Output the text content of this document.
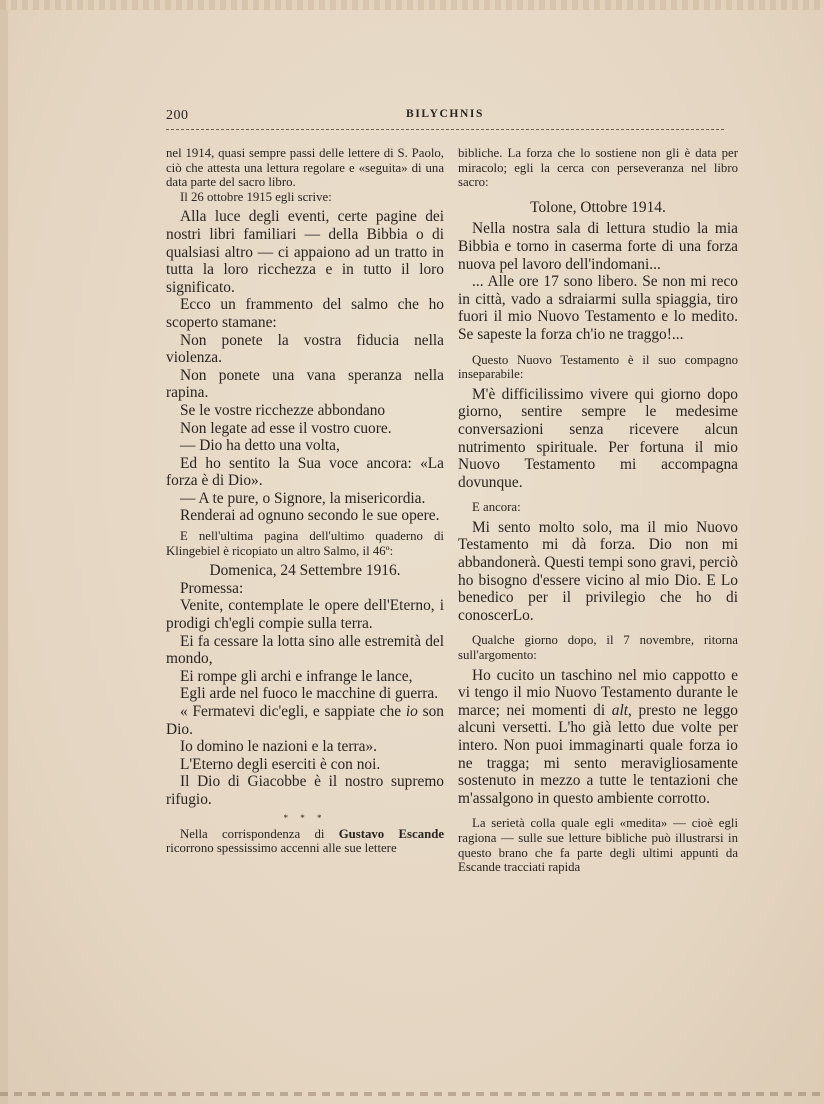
200	BILYCHNIS

nel 1914, quasi sempre passi delle lettere di S. Paolo, ciò che attesta una lettura regolare e «seguita» di una data parte del sacro libro.

Il 26 ottobre 1915 egli scrive:

Alla luce degli eventi, certe pagine dei nostri libri familiari — della Bibbia o di qualsiasi altro — ci appaiono ad un tratto in tutta la loro ricchezza e in tutto il loro significato.

Ecco un frammento del salmo che ho scoperto stamane:

Non ponete la vostra fiducia nella violenza.

Non ponete una vana speranza nella rapina.

Se le vostre ricchezze abbondano

Non legate ad esse il vostro cuore.

— Dio ha detto una volta,

Ed ho sentito la Sua voce ancora: «La forza è di Dio».

— A te pure, o Signore, la misericordia.

Renderai ad ognuno secondo le sue opere.

E nell'ultima pagina dell'ultimo quaderno di Klingebiel è ricopiato un altro Salmo, il 46º:

Domenica, 24 Settembre 1916.

Promessa:

Venite, contemplate le opere dell'Eterno, i prodigi ch'egli compie sulla terra.

Ei fa cessare la lotta sino alle estremità del mondo,

Ei rompe gli archi e infrange le lance,

Egli arde nel fuoco le macchine di guerra.

« Fermatevi dic'egli, e sappiate che io son Dio.

Io domino le nazioni e la terra».

L'Eterno degli eserciti è con noi.

Il Dio di Giacobbe è il nostro supremo rifugio.

* * *

Nella corrispondenza di Gustavo Escande ricorrono spessissimo accenni alle sue lettere

bibliche. La forza che lo sostiene non gli è data per miracolo; egli la cerca con perseveranza nel libro sacro:

Tolone, Ottobre 1914.

Nella nostra sala di lettura studio la mia Bibbia e torno in caserma forte di una forza nuova pel lavoro dell'indomani...

... Alle ore 17 sono libero. Se non mi reco in città, vado a sdraiarmi sulla spiaggia, tiro fuori il mio Nuovo Testamento e lo medito. Se sapeste la forza ch'io ne traggo!...

Questo Nuovo Testamento è il suo compagno inseparabile:

M'è difficilissimo vivere qui giorno dopo giorno, sentire sempre le medesime conversazioni senza ricevere alcun nutrimento spirituale. Per fortuna il mio Nuovo Testamento mi accompagna dovunque.

E ancora:

Mi sento molto solo, ma il mio Nuovo Testamento mi dà forza. Dio non mi abbandonerà. Questi tempi sono gravi, perciò ho bisogno d'essere vicino al mio Dio. E Lo benedico per il privilegio che ho di conoscerLo.

Qualche giorno dopo, il 7 novembre, ritorna sull'argomento:

Ho cucito un taschino nel mio cappotto e vi tengo il mio Nuovo Testamento durante le marce; nei momenti di alt, presto ne leggo alcuni versetti. L'ho già letto due volte per intero. Non puoi immaginarti quale forza io ne tragga; mi sento meravigliosamente sostenuto in mezzo a tutte le tentazioni che m'assalgono in questo ambiente corrotto.

La serietà colla quale egli «medita» — cioè egli ragiona — sulle sue letture bibliche può illustrarsi in questo brano che fa parte degli ultimi appunti da Escande tracciati rapida
